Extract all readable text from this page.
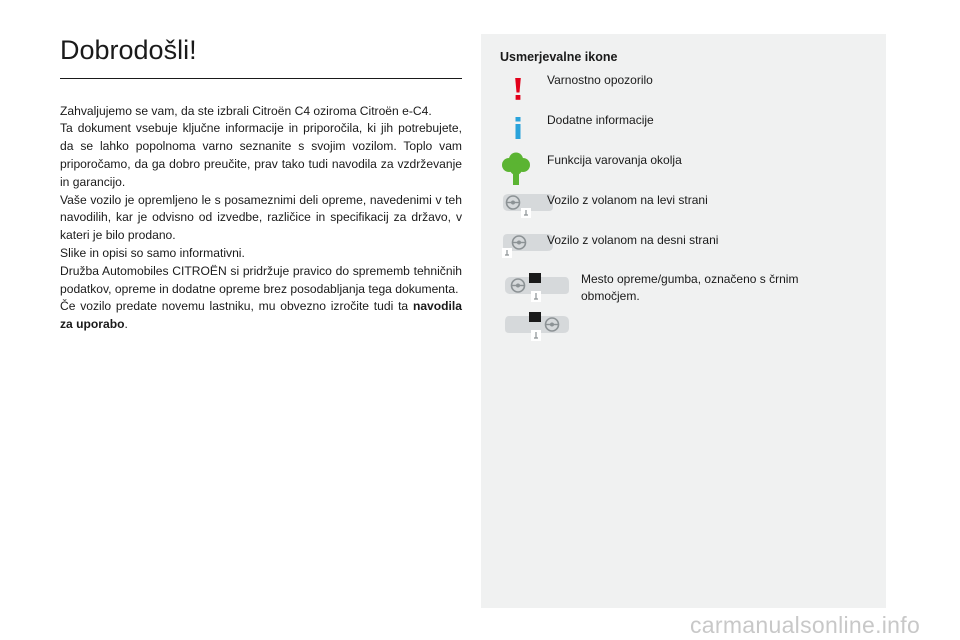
Dobrodošli!

Zahvaljujemo se vam, da ste izbrali Citroën C4 oziroma Citroën e-C4.

Ta dokument vsebuje ključne informacije in priporočila, ki jih potrebujete, da se lahko popolnoma varno seznanite s svojim vozilom. Toplo vam priporočamo, da ga dobro preučite, prav tako tudi navodila za vzdrževanje in garancijo.

Vaše vozilo je opremljeno le s posameznimi deli opreme, navedenimi v teh navodilih, kar je odvisno od izvedbe, različice in specifikacij za državo, v kateri je bilo prodano.

Slike in opisi so samo informativni.

Družba Automobiles CITROËN si pridržuje pravico do sprememb tehničnih podatkov, opreme in dodatne opreme brez posodabljanja tega dokumenta.

Če vozilo predate novemu lastniku, mu obvezno izročite tudi ta navodila za uporabo.

Usmerjevalne ikone
Varnostno opozorilo
Dodatne informacije
Funkcija varovanja okolja
Vozilo z volanom na levi strani
Vozilo z volanom na desni strani
Mesto opreme/gumba, označeno s črnim območjem.
carmanualsonline.info
